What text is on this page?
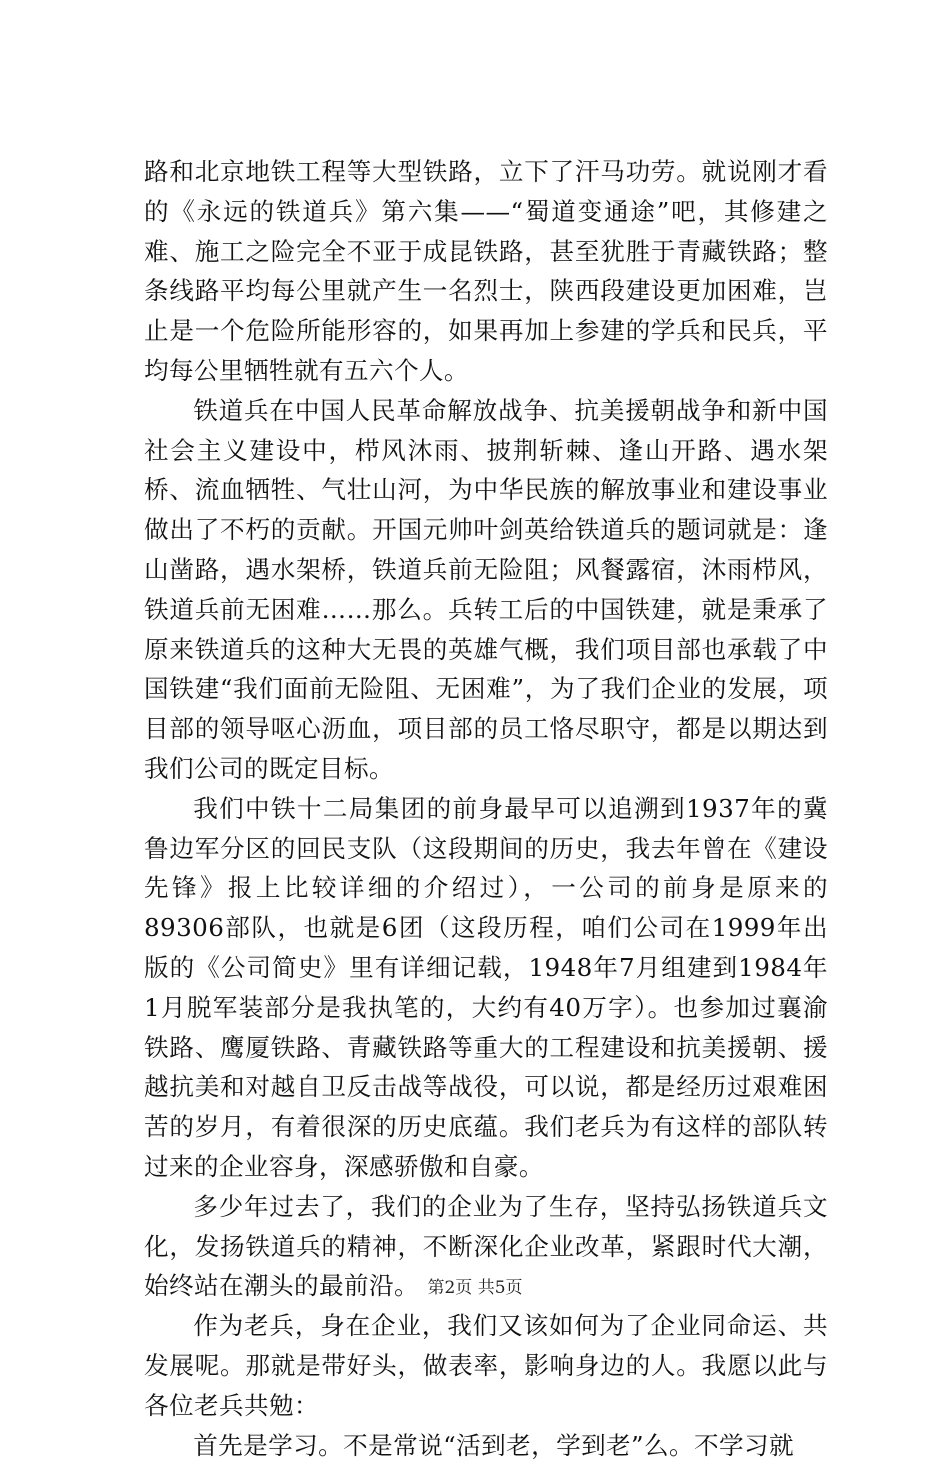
路和北京地铁工程等大型铁路，立下了汗马功劳。就说刚才看的《永远的铁道兵》第六集——“蜀道变通途”吧，其修建之难、施工之险完全不亚于成昆铁路，甚至犹胜于青藏铁路；整条线路平均每公里就产生一名烈士，陕西段建设更加困难，岂止是一个危险所能形容的，如果再加上参建的学兵和民兵，平均每公里牺牲就有五六个人。

铁道兵在中国人民革命解放战争、抗美援朝战争和新中国社会主义建设中，栉风沐雨、披荆斩棘、逢山开路、遇水架桥、流血牺牲、气壮山河，为中华民族的解放事业和建设事业做出了不朽的贡献。开国元帅叶剑英给铁道兵的题词就是：逢山凿路，遇水架桥，铁道兵前无险阻；风餐露宿，沐雨栉风，铁道兵前无困难……那么。兵转工后的中国铁建，就是秉承了原来铁道兵的这种大无畏的英雄气概，我们项目部也承载了中国铁建“我们面前无险阻、无困难”，为了我们企业的发展，项目部的领导呕心沥血，项目部的员工恪尽职守，都是以期达到我们公司的既定目标。

我们中铁十二局集团的前身最早可以追溯到1937年的冀鲁边军分区的回民支队（这段期间的历史，我去年曾在《建设先锋》报上比较详细的介绍过），一公司的前身是原来的89306部队，也就是6团（这段历程，咱们公司在1999年出版的《公司简史》里有详细记载，1948年7月组建到1984年1月脱军装部分是我执笔的，大约有40万字）。也参加过襄渝铁路、鹰厦铁路、青藏铁路等重大的工程建设和抗美援朝、援越抗美和对越自卫反击战等战役，可以说，都是经历过艰难困苦的岁月，有着很深的历史底蕴。我们老兵为有这样的部队转过来的企业容身，深感骄傲和自豪。

多少年过去了，我们的企业为了生存，坚持弘扬铁道兵文化，发扬铁道兵的精神，不断深化企业改革，紧跟时代大潮，始终站在潮头的最前沿。

作为老兵，身在企业，我们又该如何为了企业同命运、共发展呢。那就是带好头，做表率，影响身边的人。我愿以此与各位老兵共勉：

首先是学习。不是常说“活到老，学到老”么。不学习就

第2页 共5页
